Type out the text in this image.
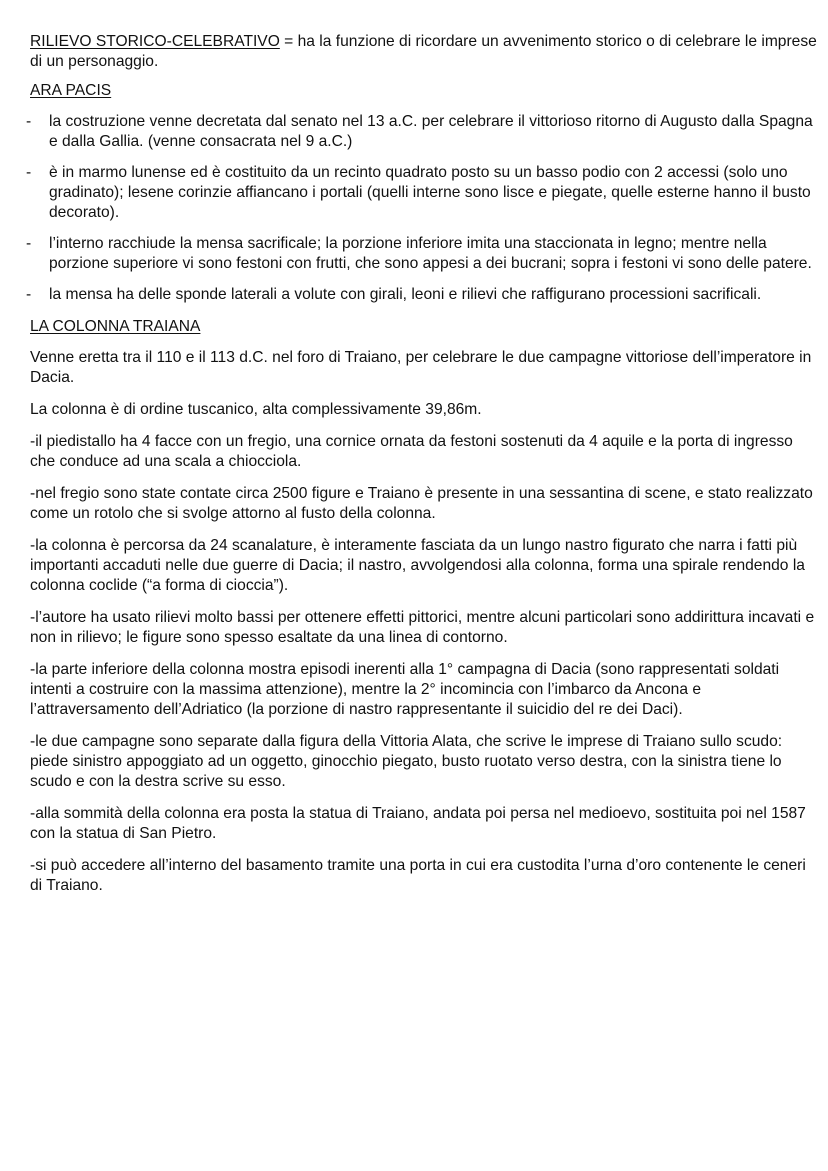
RILIEVO STORICO-CELEBRATIVO = ha la funzione di ricordare un avvenimento storico o di celebrare le imprese di un personaggio.

ARA PACIS
- la costruzione venne decretata dal senato nel 13 a.C. per celebrare il vittorioso ritorno di Augusto dalla Spagna e dalla Gallia. (venne consacrata nel 9 a.C.)
- è in marmo lunense ed è costituito da un recinto quadrato posto su un basso podio con 2 accessi (solo uno gradinato); lesene corinzie affiancano i portali (quelli interne sono lisce e piegate, quelle esterne hanno il busto decorato).
- l’interno racchiude la mensa sacrificale; la porzione inferiore imita una staccionata in legno; mentre nella porzione superiore vi sono festoni con frutti, che sono appesi a dei bucrani; sopra i festoni vi sono delle patere.
- la mensa ha delle sponde laterali a volute con girali, leoni e rilievi che raffigurano processioni sacrificali.
LA COLONNA TRAIANA

Venne eretta tra il 110 e il 113 d.C. nel foro di Traiano, per celebrare le due campagne vittoriose dell’imperatore in Dacia.

La colonna è di ordine tuscanico, alta complessivamente 39,86m.

-il piedistallo ha 4 facce con un fregio, una cornice ornata da festoni sostenuti da 4 aquile e la porta di ingresso che conduce ad una scala a chiocciola.

-nel fregio sono state contate circa 2500 figure e Traiano è presente in una sessantina di scene, e stato realizzato come un rotolo che si svolge attorno al fusto della colonna.

-la colonna è percorsa da 24 scanalature, è interamente fasciata da un lungo nastro figurato che narra i fatti più importanti accaduti nelle due guerre di Dacia; il nastro, avvolgendosi alla colonna, forma una spirale rendendo la colonna coclide (“a forma di cioccia”).

-l’autore ha usato rilievi molto bassi per ottenere effetti pittorici, mentre alcuni particolari sono addirittura incavati e non in rilievo; le figure sono spesso esaltate da una linea di contorno.

-la parte inferiore della colonna mostra episodi inerenti alla 1° campagna di Dacia (sono rappresentati soldati intenti a costruire con la massima attenzione), mentre la 2° incomincia con l’imbarco da Ancona e l’attraversamento dell’Adriatico (la porzione di nastro rappresentante il suicidio del re dei Daci).

-le due campagne sono separate dalla figura della Vittoria Alata, che scrive le imprese di Traiano sullo scudo: piede sinistro appoggiato ad un oggetto, ginocchio piegato, busto ruotato verso destra, con la sinistra tiene lo scudo e con la destra scrive su esso.

-alla sommità della colonna era posta la statua di Traiano, andata poi persa nel medioevo, sostituita poi nel 1587 con la statua di San Pietro.

-si può accedere all’interno del basamento tramite una porta in cui era custodita l’urna d’oro contenente le ceneri di Traiano.
